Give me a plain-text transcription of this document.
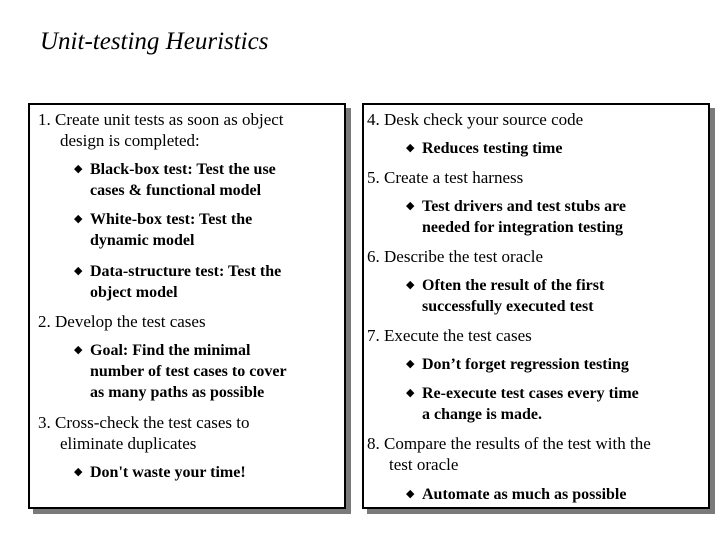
Unit-testing Heuristics
1. Create unit tests as soon as object
design is completed:
◆ Black-box test: Test the use
cases & functional model
◆ White-box test: Test the
dynamic model
◆ Data-structure test: Test the
object model
2. Develop the test cases
◆ Goal: Find the minimal
number of test cases to cover
as many paths as possible
3. Cross-check the test cases to
eliminate duplicates
◆ Don't waste your time!
4. Desk check your source code
◆ Reduces testing time
5. Create a test harness
◆ Test drivers and test stubs are
needed for integration testing
6. Describe the test oracle
◆ Often the result of the first
successfully executed test
7. Execute the test cases
◆ Don’t forget regression testing
◆ Re-execute test cases every time
a change is made.
8. Compare the results of the test with the
test oracle
◆ Automate as much as possible
